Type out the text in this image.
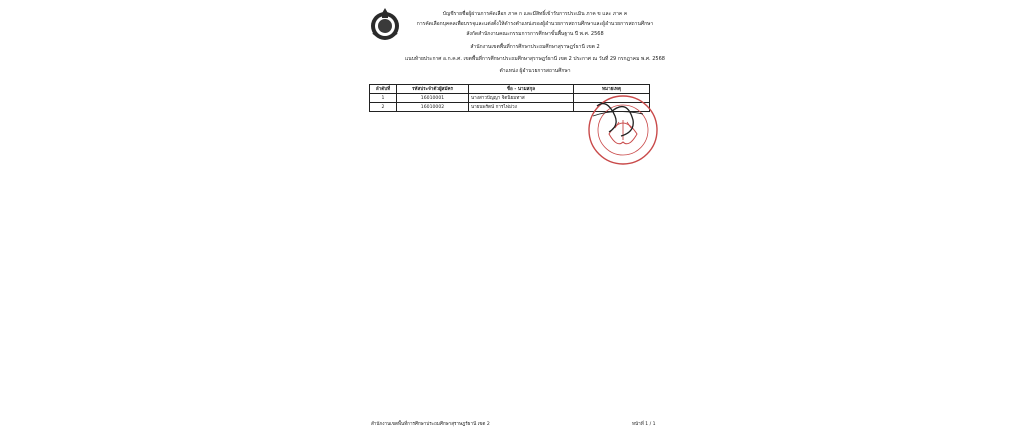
บัญชีรายชื่อผู้ผ่านการคัดเลือก ภาค ก และมีสิทธิ์เข้ารับการประเมิน ภาค ข และ ภาค ค
การคัดเลือกบุคคลเพื่อบรรจุและแต่งตั้งให้ดำรงตำแหน่งรองผู้อำนวยการสถานศึกษาและผู้อำนวยการสถานศึกษา
สังกัดสำนักงานคณะกรรมการการศึกษาขั้นพื้นฐาน ปี พ.ศ. 2568
สำนักงานเขตพื้นที่การศึกษาประถมศึกษาสุราษฎร์ธานี เขต 2
แนบท้ายประกาศ อ.ก.ค.ศ. เขตพื้นที่การศึกษาประถมศึกษาสุราษฎร์ธานี เขต 2 ประกาศ ณ วันที่ 29 กรกฎาคม พ.ศ. 2568
ตำแหน่ง ผู้อำนวยการสถานศึกษา
ลำดับที่	รหัสประจำตัวผู้สมัคร	ชื่อ - นามสกุล	หมายเหตุ
1	16010001	นางสาวปัญญา จิตนิยมทาส	
2	16010002	นายนพรัตน์ การไฟม่วง	
สำนักงานเขตพื้นที่การศึกษาประถมศึกษาสุราษฎร์ธานี เขต 2	หน้าที่ 1 / 1
